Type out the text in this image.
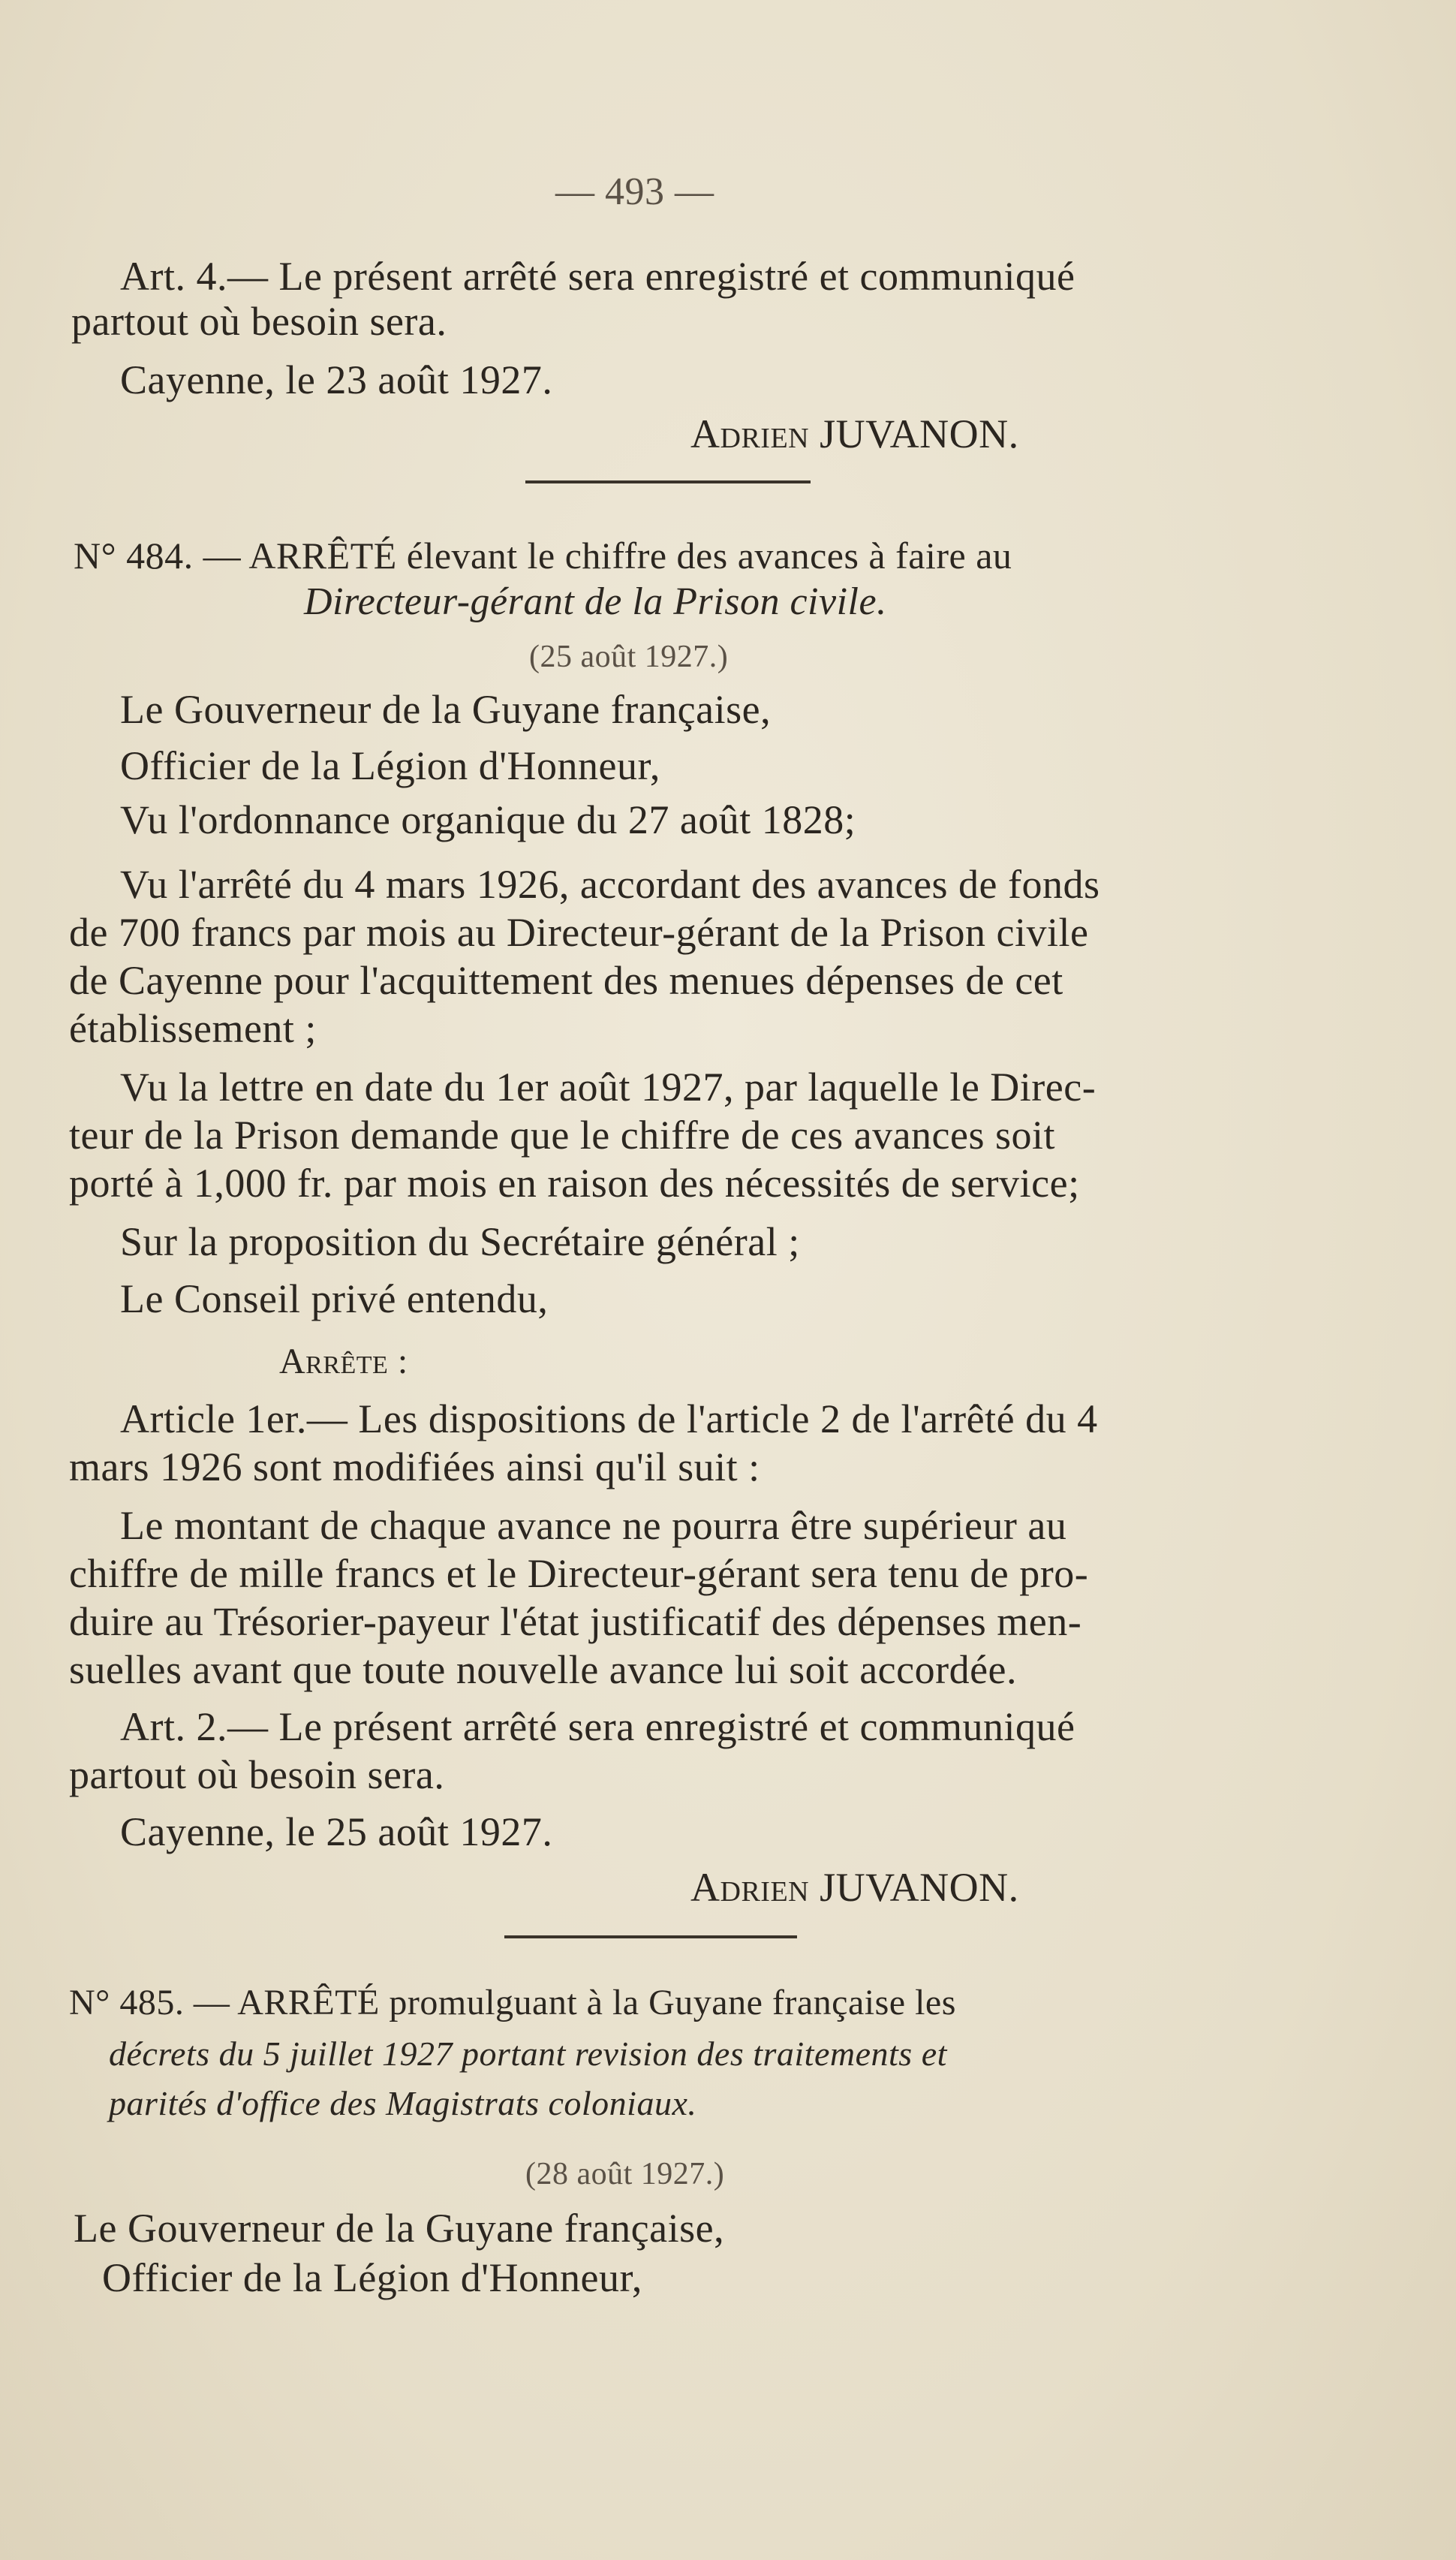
— 493 —
Art. 4.— Le présent arrêté sera enregistré et communiqué
partout où besoin sera.
Cayenne, le 23 août 1927.
Adrien JUVANON.
N° 484. — ARRÊTÉ élevant le chiffre des avances à faire au
Directeur-gérant de la Prison civile.
(25 août 1927.)
Le Gouverneur de la Guyane française,
Officier de la Légion d'Honneur,
Vu l'ordonnance organique du 27 août 1828;
Vu l'arrêté du 4 mars 1926, accordant des avances de fonds
de 700 francs par mois au Directeur-gérant de la Prison civile
de Cayenne pour l'acquittement des menues dépenses de cet
établissement ;
Vu la lettre en date du 1er août 1927, par laquelle le Direc-
teur de la Prison demande que le chiffre de ces avances soit
porté à 1,000 fr. par mois en raison des nécessités de service;
Sur la proposition du Secrétaire général ;
Le Conseil privé entendu,
Arrête :
Article 1er.— Les dispositions de l'article 2 de l'arrêté du 4
mars 1926 sont modifiées ainsi qu'il suit :
Le montant de chaque avance ne pourra être supérieur au
chiffre de mille francs et le Directeur-gérant sera tenu de pro-
duire au Trésorier-payeur l'état justificatif des dépenses men-
suelles avant que toute nouvelle avance lui soit accordée.
Art. 2.— Le présent arrêté sera enregistré et communiqué
partout où besoin sera.
Cayenne, le 25 août 1927.
Adrien JUVANON.
N° 485. — ARRÊTÉ promulguant à la Guyane française les
décrets du 5 juillet 1927 portant revision des traitements et
parités d'office des Magistrats coloniaux.
(28 août 1927.)
Le Gouverneur de la Guyane française,
Officier de la Légion d'Honneur,
